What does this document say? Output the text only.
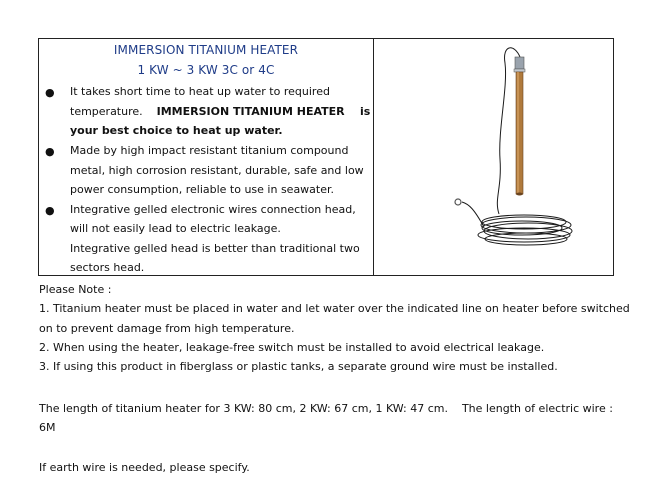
IMMERSION TITANIUM HEATER
1 KW ~ 3 KW 3C or 4C
● It takes short time to heat up water to required
temperature.    IMMERSION TITANIUM HEATER    is
your best choice to heat up water.
● Made by high impact resistant titanium compound
metal, high corrosion resistant, durable, safe and low
power consumption, reliable to use in seawater.
● Integrative gelled electronic wires connection head,
will not easily lead to electric leakage.
Integrative gelled head is better than traditional two
sectors head.
Please Note :
1. Titanium heater must be placed in water and let water over the indicated line on heater before switched
on to prevent damage from high temperature.
2. When using the heater, leakage-free switch must be installed to avoid electrical leakage.
3. If using this product in fiberglass or plastic tanks, a separate ground wire must be installed.
The length of titanium heater for 3 KW: 80 cm, 2 KW: 67 cm, 1 KW: 47 cm.    The length of electric wire :
6M
If earth wire is needed, please specify.
